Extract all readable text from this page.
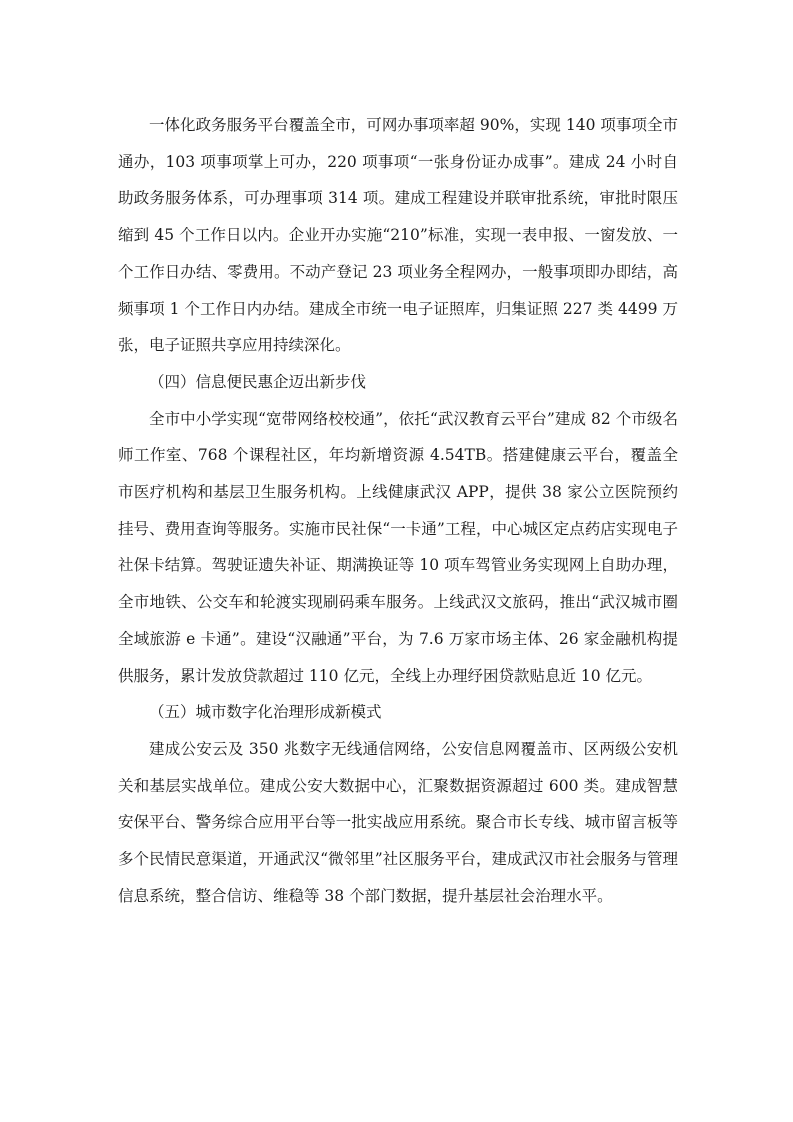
一体化政务服务平台覆盖全市，可网办事项率超 90%，实现 140 项事项全市通办，103 项事项掌上可办，220 项事项“一张身份证办成事”。建成 24 小时自助政务服务体系，可办理事项 314 项。建成工程建设并联审批系统，审批时限压缩到 45 个工作日以内。企业开办实施“210”标准，实现一表申报、一窗发放、一个工作日办结、零费用。不动产登记 23 项业务全程网办，一般事项即办即结，高频事项 1 个工作日内办结。建成全市统一电子证照库，归集证照 227 类 4499 万张，电子证照共享应用持续深化。

（四）信息便民惠企迈出新步伐

全市中小学实现“宽带网络校校通”，依托“武汉教育云平台”建成 82 个市级名师工作室、768 个课程社区，年均新增资源 4.54TB。搭建健康云平台，覆盖全市医疗机构和基层卫生服务机构。上线健康武汉 APP，提供 38 家公立医院预约挂号、费用查询等服务。实施市民社保“一卡通”工程，中心城区定点药店实现电子社保卡结算。驾驶证遗失补证、期满换证等 10 项车驾管业务实现网上自助办理，全市地铁、公交车和轮渡实现刷码乘车服务。上线武汉文旅码，推出“武汉城市圈全域旅游 e 卡通”。建设“汉融通”平台，为 7.6 万家市场主体、26 家金融机构提供服务，累计发放贷款超过 110 亿元，全线上办理纾困贷款贴息近 10 亿元。

（五）城市数字化治理形成新模式

建成公安云及 350 兆数字无线通信网络，公安信息网覆盖市、区两级公安机关和基层实战单位。建成公安大数据中心，汇聚数据资源超过 600 类。建成智慧安保平台、警务综合应用平台等一批实战应用系统。聚合市长专线、城市留言板等多个民情民意渠道，开通武汉“微邻里”社区服务平台，建成武汉市社会服务与管理信息系统，整合信访、维稳等 38 个部门数据，提升基层社会治理水平。
